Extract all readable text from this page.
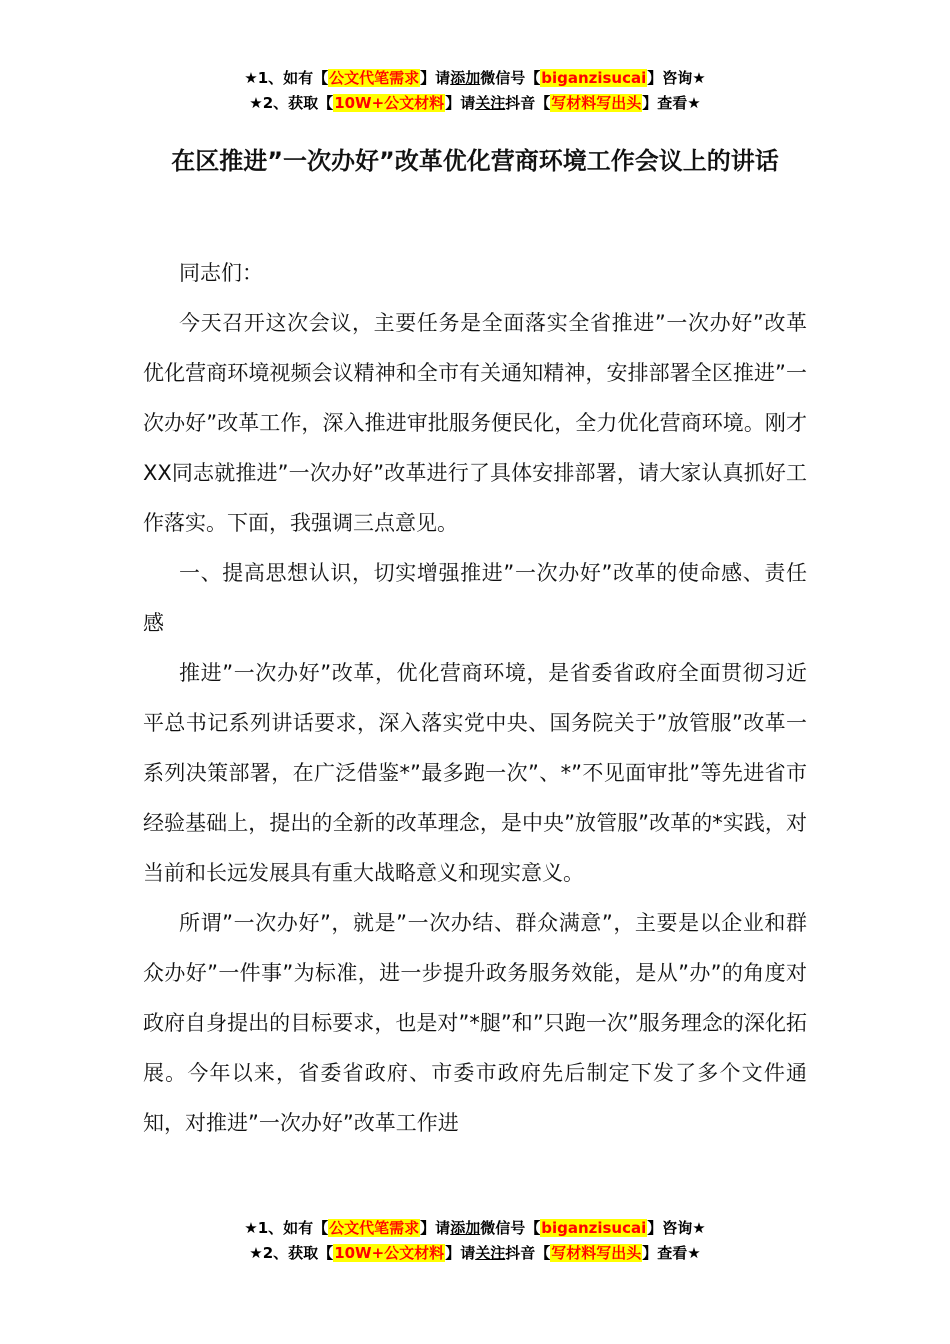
★1、如有【公文代笔需求】请添加微信号【biganzisucai】咨询★
★2、获取【10W+公文材料】请关注抖音【写材料写出头】查看★
在区推进”一次办好”改革优化营商环境工作会议上的讲话

同志们：

今天召开这次会议，主要任务是全面落实全省推进”一次办好”改革优化营商环境视频会议精神和全市有关通知精神，安排部署全区推进”一次办好”改革工作，深入推进审批服务便民化，全力优化营商环境。刚才XX同志就推进”一次办好”改革进行了具体安排部署，请大家认真抓好工作落实。下面，我强调三点意见。

一、提高思想认识，切实增强推进”一次办好”改革的使命感、责任感

推进”一次办好”改革，优化营商环境，是省委省政府全面贯彻习近平总书记系列讲话要求，深入落实党中央、国务院关于”放管服”改革一系列决策部署，在广泛借鉴*”最多跑一次”、*”不见面审批”等先进省市经验基础上，提出的全新的改革理念，是中央”放管服”改革的*实践，对当前和长远发展具有重大战略意义和现实意义。

所谓”一次办好”，就是”一次办结、群众满意”，主要是以企业和群众办好”一件事”为标准，进一步提升政务服务效能，是从”办”的角度对政府自身提出的目标要求，也是对”*腿”和”只跑一次”服务理念的深化拓展。今年以来，省委省政府、市委市政府先后制定下发了多个文件通知，对推进”一次办好”改革工作进

★1、如有【公文代笔需求】请添加微信号【biganzisucai】咨询★
★2、获取【10W+公文材料】请关注抖音【写材料写出头】查看★
